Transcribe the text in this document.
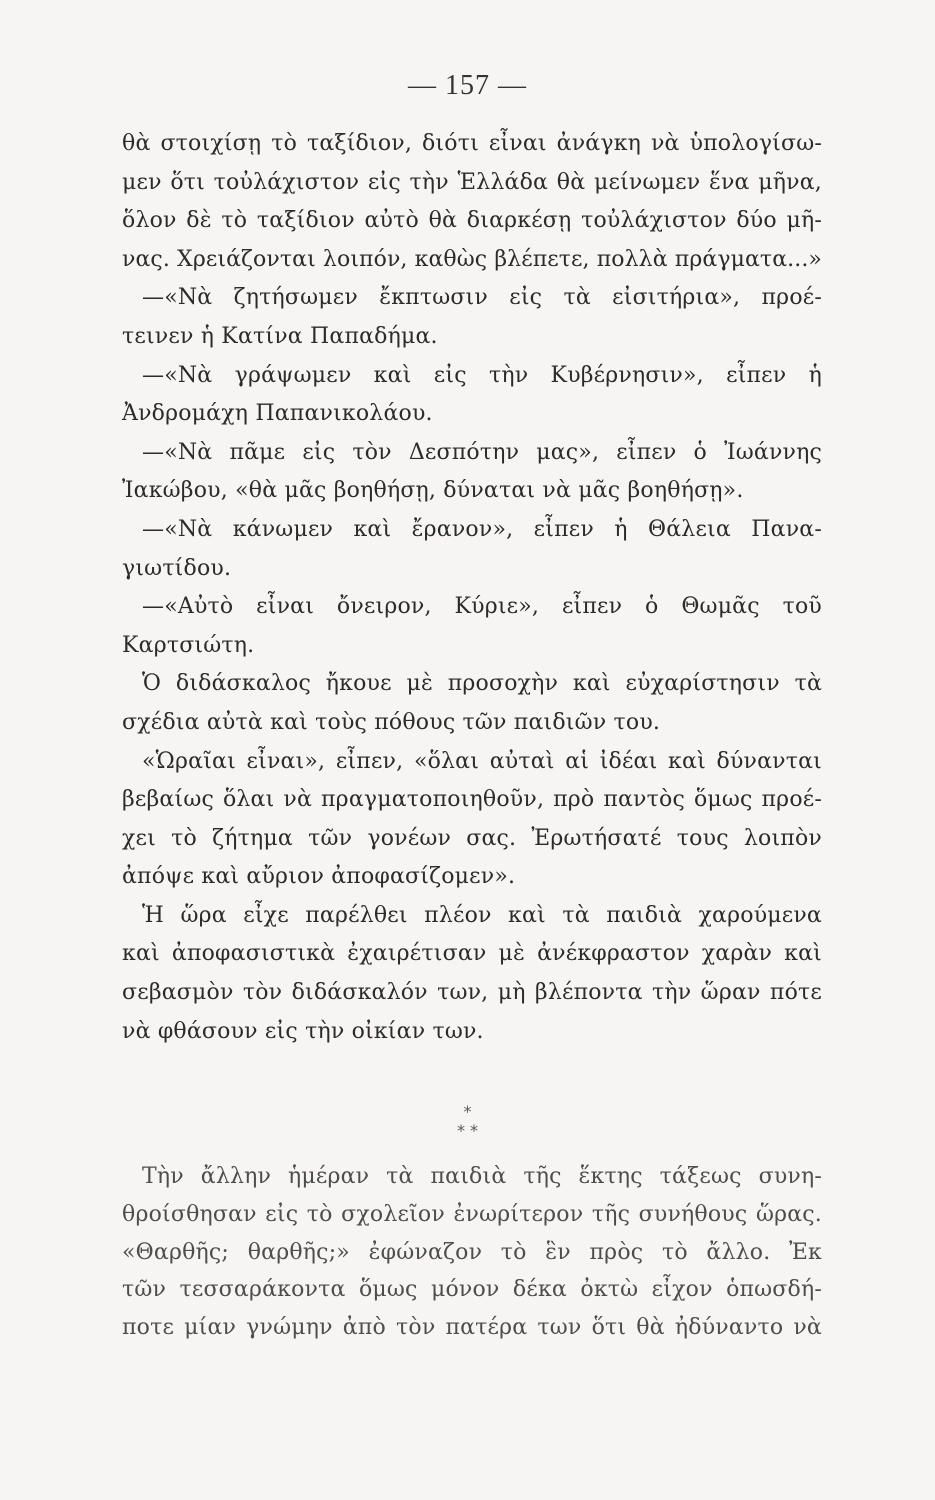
— 157 —
θὰ στοιχίσῃ τὸ ταξίδιον, διότι εἶναι ἀνάγκη νὰ ὑπολογίσω-
μεν ὅτι τοὐλάχιστον εἰς τὴν Ἑλλάδα θὰ μείνωμεν ἕνα μῆνα,
ὅλον δὲ τὸ ταξίδιον αὐτὸ θὰ διαρκέσῃ τοὐλάχιστον δύο μῆ-
νας. Χρειάζονται λοιπόν, καθὼς βλέπετε, πολλὰ πράγματα...»
—«Νὰ ζητήσωμεν ἔκπτωσιν εἰς τὰ εἰσιτήρια», προέ-
τεινεν ἡ Κατίνα Παπαδήμα.
—«Νὰ γράψωμεν καὶ εἰς τὴν Κυβέρνησιν», εἶπεν ἡ
Ἀνδρομάχη Παπανικολάου.
—«Νὰ πᾶμε εἰς τὸν Δεσπότην μας», εἶπεν ὁ Ἰωάννης
Ἰακώβου, «θὰ μᾶς βοηθήσῃ, δύναται νὰ μᾶς βοηθήσῃ».
—«Νὰ κάνωμεν καὶ ἔρανον», εἶπεν ἡ Θάλεια Πανα-
γιωτίδου.
—«Αὐτὸ εἶναι ὄνειρον, Κύριε», εἶπεν ὁ Θωμᾶς τοῦ
Καρτσιώτη.
Ὁ διδάσκαλος ἤκουε μὲ προσοχὴν καὶ εὐχαρίστησιν τὰ
σχέδια αὐτὰ καὶ τοὺς πόθους τῶν παιδιῶν του.
«Ὡραῖαι εἶναι», εἶπεν, «ὅλαι αὐταὶ αἱ ἰδέαι καὶ δύνανται
βεβαίως ὅλαι νὰ πραγματοποιηθοῦν, πρὸ παντὸς ὅμως προέ-
χει τὸ ζήτημα τῶν γονέων σας. Ἐρωτήσατέ τους λοιπὸν
ἀπόψε καὶ αὔριον ἀποφασίζομεν».
Ἡ ὥρα εἶχε παρέλθει πλέον καὶ τὰ παιδιὰ χαρούμενα
καὶ ἀποφασιστικὰ ἐχαιρέτισαν μὲ ἀνέκφραστον χαρὰν καὶ
σεβασμὸν τὸν διδάσκαλόν των, μὴ βλέποντα τὴν ὥραν πότε
νὰ φθάσουν εἰς τὴν οἰκίαν των.
*
* *
Τὴν ἄλλην ἡμέραν τὰ παιδιὰ τῆς ἕκτης τάξεως συνη-
θροίσθησαν εἰς τὸ σχολεῖον ἐνωρίτερον τῆς συνήθους ὥρας.
«Θαρθῆς; θαρθῆς;» ἐφώναζον τὸ ἓν πρὸς τὸ ἄλλο. Ἐκ
τῶν τεσσαράκοντα ὅμως μόνον δέκα ὀκτὼ εἶχον ὁπωσδή-
ποτε μίαν γνώμην ἀπὸ τὸν πατέρα των ὅτι θὰ ἠδύναντο νὰ
